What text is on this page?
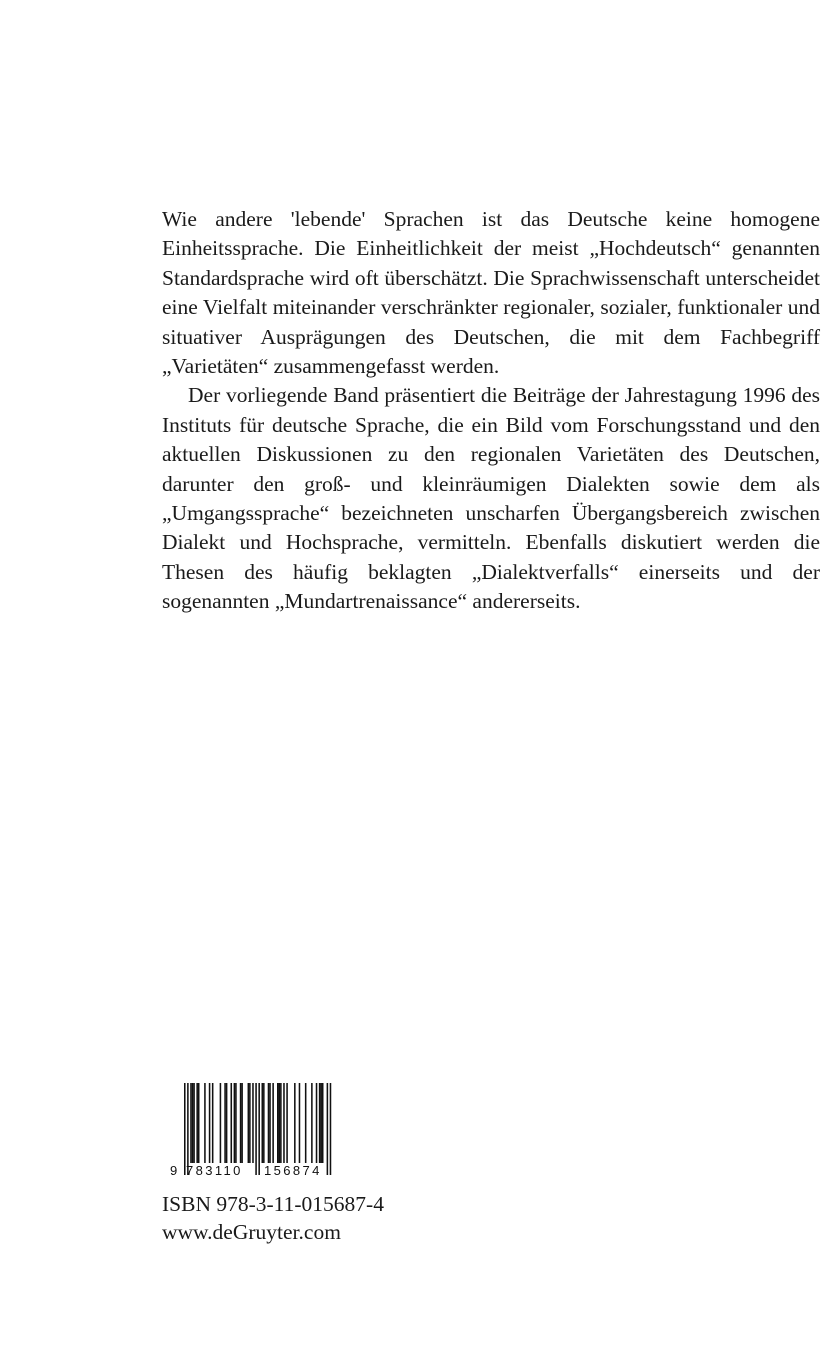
Wie andere 'lebende' Sprachen ist das Deutsche keine homogene Einheitssprache. Die Einheitlichkeit der meist „Hochdeutsch“ genannten Standardsprache wird oft überschätzt. Die Sprachwissenschaft unterscheidet eine Vielfalt miteinander verschränkter regionaler, sozialer, funktionaler und situativer Ausprägungen des Deutschen, die mit dem Fachbegriff „Varietäten“ zusammengefasst werden.

Der vorliegende Band präsentiert die Beiträge der Jahrestagung 1996 des Instituts für deutsche Sprache, die ein Bild vom Forschungsstand und den aktuellen Diskussionen zu den regionalen Varietäten des Deutschen, darunter den groß- und kleinräumigen Dialekten sowie dem als „Umgangssprache“ bezeichneten unscharfen Übergangsbereich zwischen Dialekt und Hochsprache, vermitteln. Ebenfalls diskutiert werden die Thesen des häufig beklagten „Dialektverfalls“ einerseits und der sogenannten „Mundartrenaissance“ andererseits.

9 783110 156874
ISBN 978-3-11-015687-4
www.deGruyter.com
